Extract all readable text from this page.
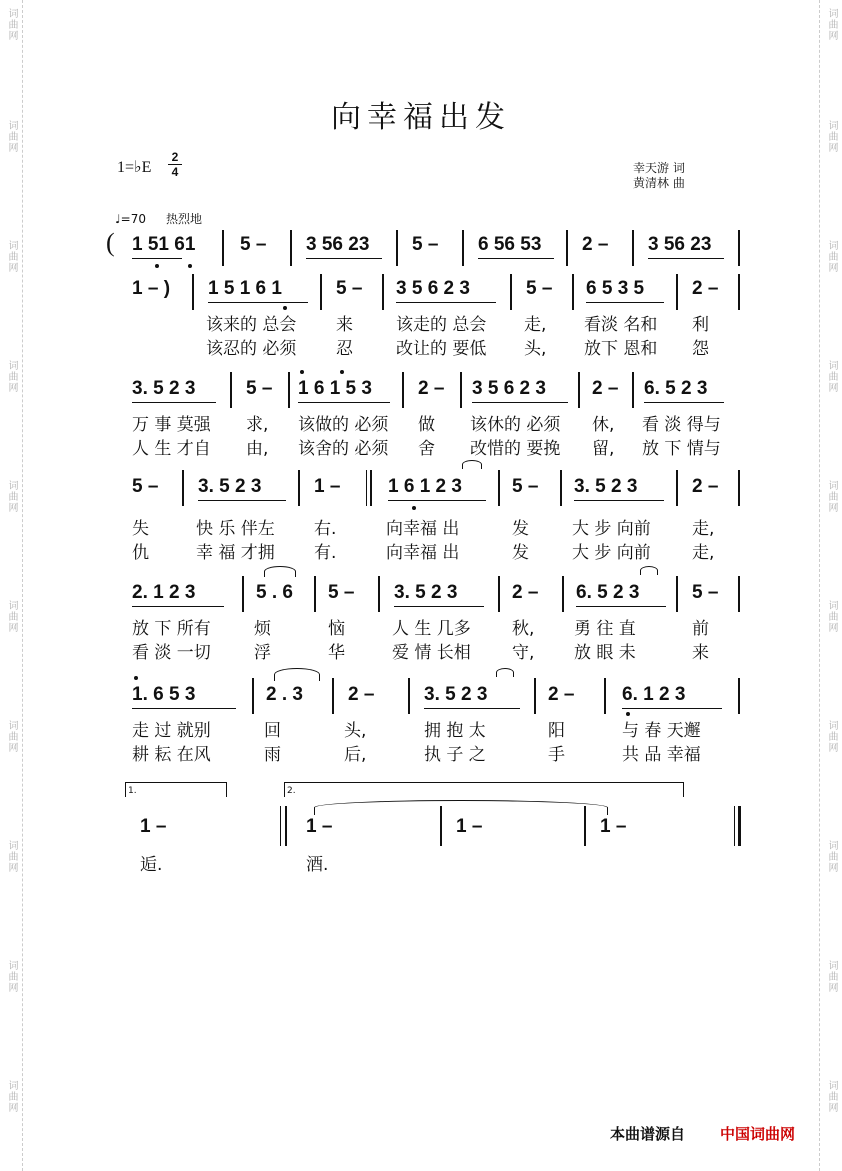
词曲网
词曲网
词曲网
词曲网
词曲网
词曲网
词曲网
词曲网
词曲网
词曲网
词曲网
词曲网
词曲网
词曲网
词曲网
词曲网
词曲网
词曲网
词曲网
词曲网
向幸福出发
1=♭E
2
4	幸天游 词
黄清林 曲
♩=70 热烈地
( 1 51 61 5 – 3 56 23 5 – 6 56 53 2 – 3 56 23
1 – ) 1 5 1 6 1	5 – 3 5 6 2 3	5 – 6 5 3 5	2 –
该来的 总会 来	该走的 总会 走, 看淡 名和 利
该忍的 必须 忍	改让的 要低 头, 放下 恩和 怨
3. 5 2 3	5 – 1 6 1 5 3 2 – 3 5 6 2 3 2 – 6. 5 2 3
万 事 莫强 求, 该做的 必须 做 该休的 必须 休, 看 淡 得与
人 生 才自 由, 该舍的 必须 舍 改惜的 要挽 留, 放 下 情与
5 – 3. 5 2 3	1 –	1 6 1 2 3	5 – 3. 5 2 3	2 –
失	快 乐 伴左 右.	向幸福 出	发	大 步 向前 走,
仇	幸 福 才拥 有.	向幸福 出	发	大 步 向前 走,
2. 1 2 3	5 . 6 5 – 3. 5 2 3	2 – 6. 5 2 3	5 –
放 下 所有	烦	恼	人 生 几多 秋, 勇 往 直	前
看 淡 一切	浮	华	爱 情 长相 守, 放 眼 未	来
1. 6 5 3	2 . 3 2 –	3. 5 2 3	2 –	6. 1 2 3
走 过 就别	回	头,	拥 抱 太	阳	与 春 天邂
耕 耘 在风	雨	后,	执 子 之	手	共 品 幸福
1.	2.
1 –	1 –	1 –	1 –
逅.	酒.
本曲谱源自 中国词曲网
